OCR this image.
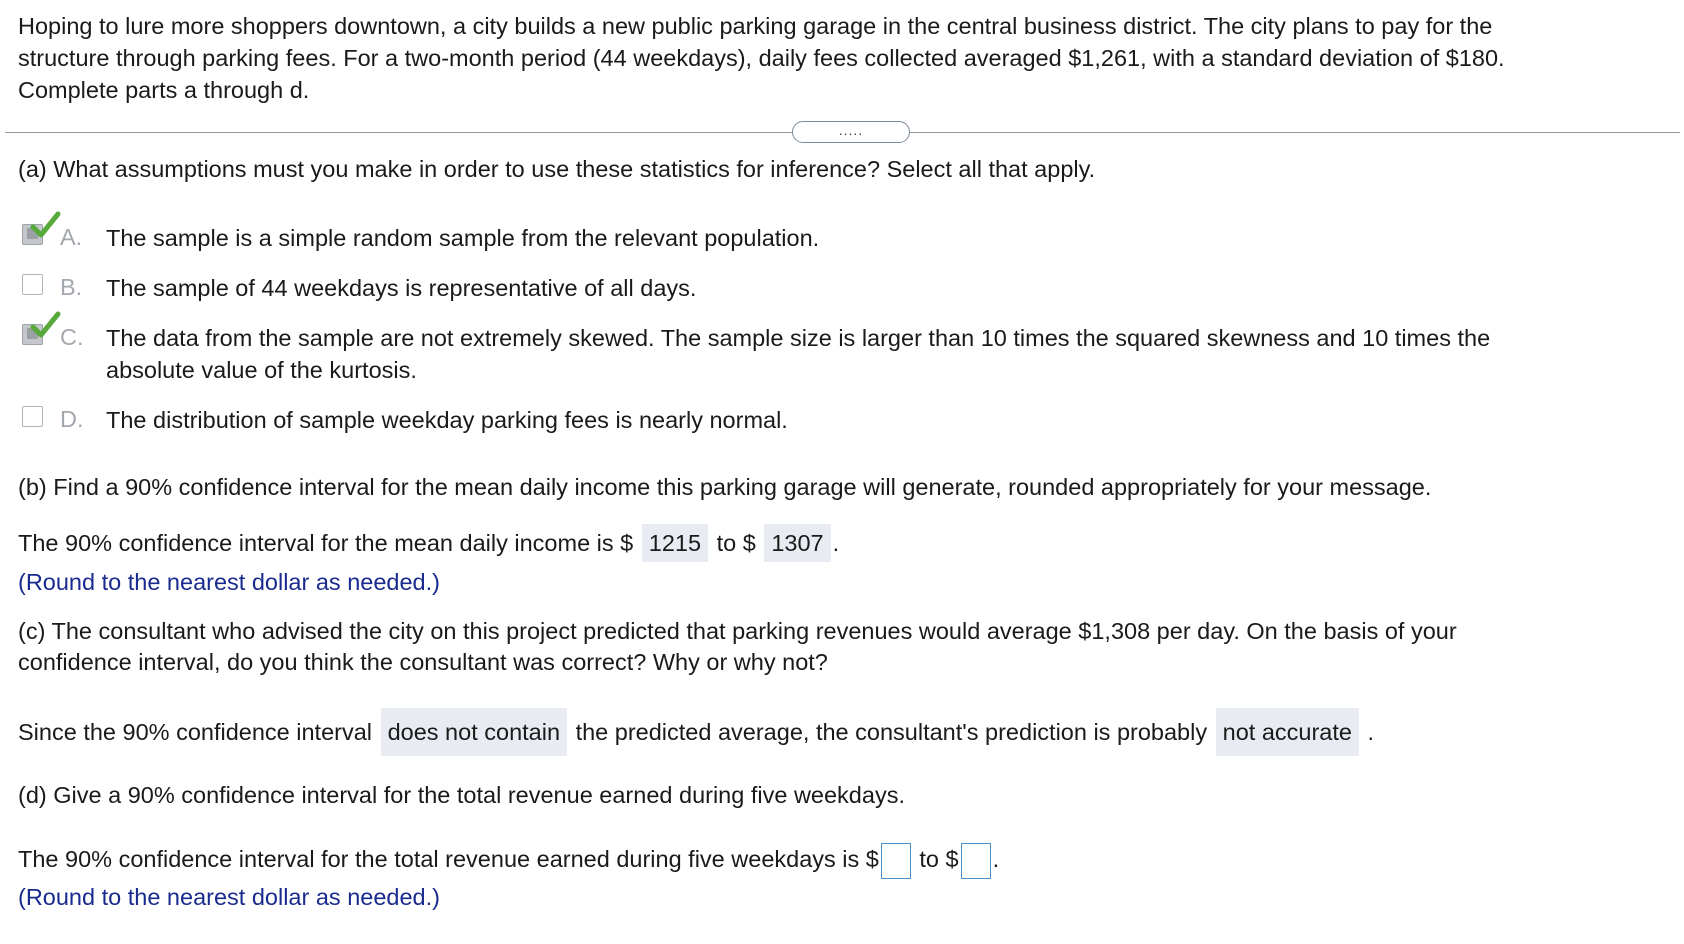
Hoping to lure more shoppers downtown, a city builds a new public parking garage in the central business district. The city plans to pay for the
structure through parking fees. For a two-month period (44 weekdays), daily fees collected averaged $1,261, with a standard deviation of $180.
Complete parts a through d.
.....
(a) What assumptions must you make in order to use these statistics for inference? Select all that apply.
A. The sample is a simple random sample from the relevant population.
B. The sample of 44 weekdays is representative of all days.
C. The data from the sample are not extremely skewed. The sample size is larger than 10 times the squared skewness and 10 times the
absolute value of the kurtosis.
D. The distribution of sample weekday parking fees is nearly normal.
(b) Find a 90% confidence interval for the mean daily income this parking garage will generate, rounded appropriately for your message.
The 90% confidence interval for the mean daily income is $ 1215 to $ 1307 .
(Round to the nearest dollar as needed.)
(c) The consultant who advised the city on this project predicted that parking revenues would average $1,308 per day. On the basis of your
confidence interval, do you think the consultant was correct? Why or why not?
Since the 90% confidence interval does not contain the predicted average, the consultant's prediction is probably not accurate .
(d) Give a 90% confidence interval for the total revenue earned during five weekdays.
The 90% confidence interval for the total revenue earned during five weekdays is $ to $ .
(Round to the nearest dollar as needed.)
